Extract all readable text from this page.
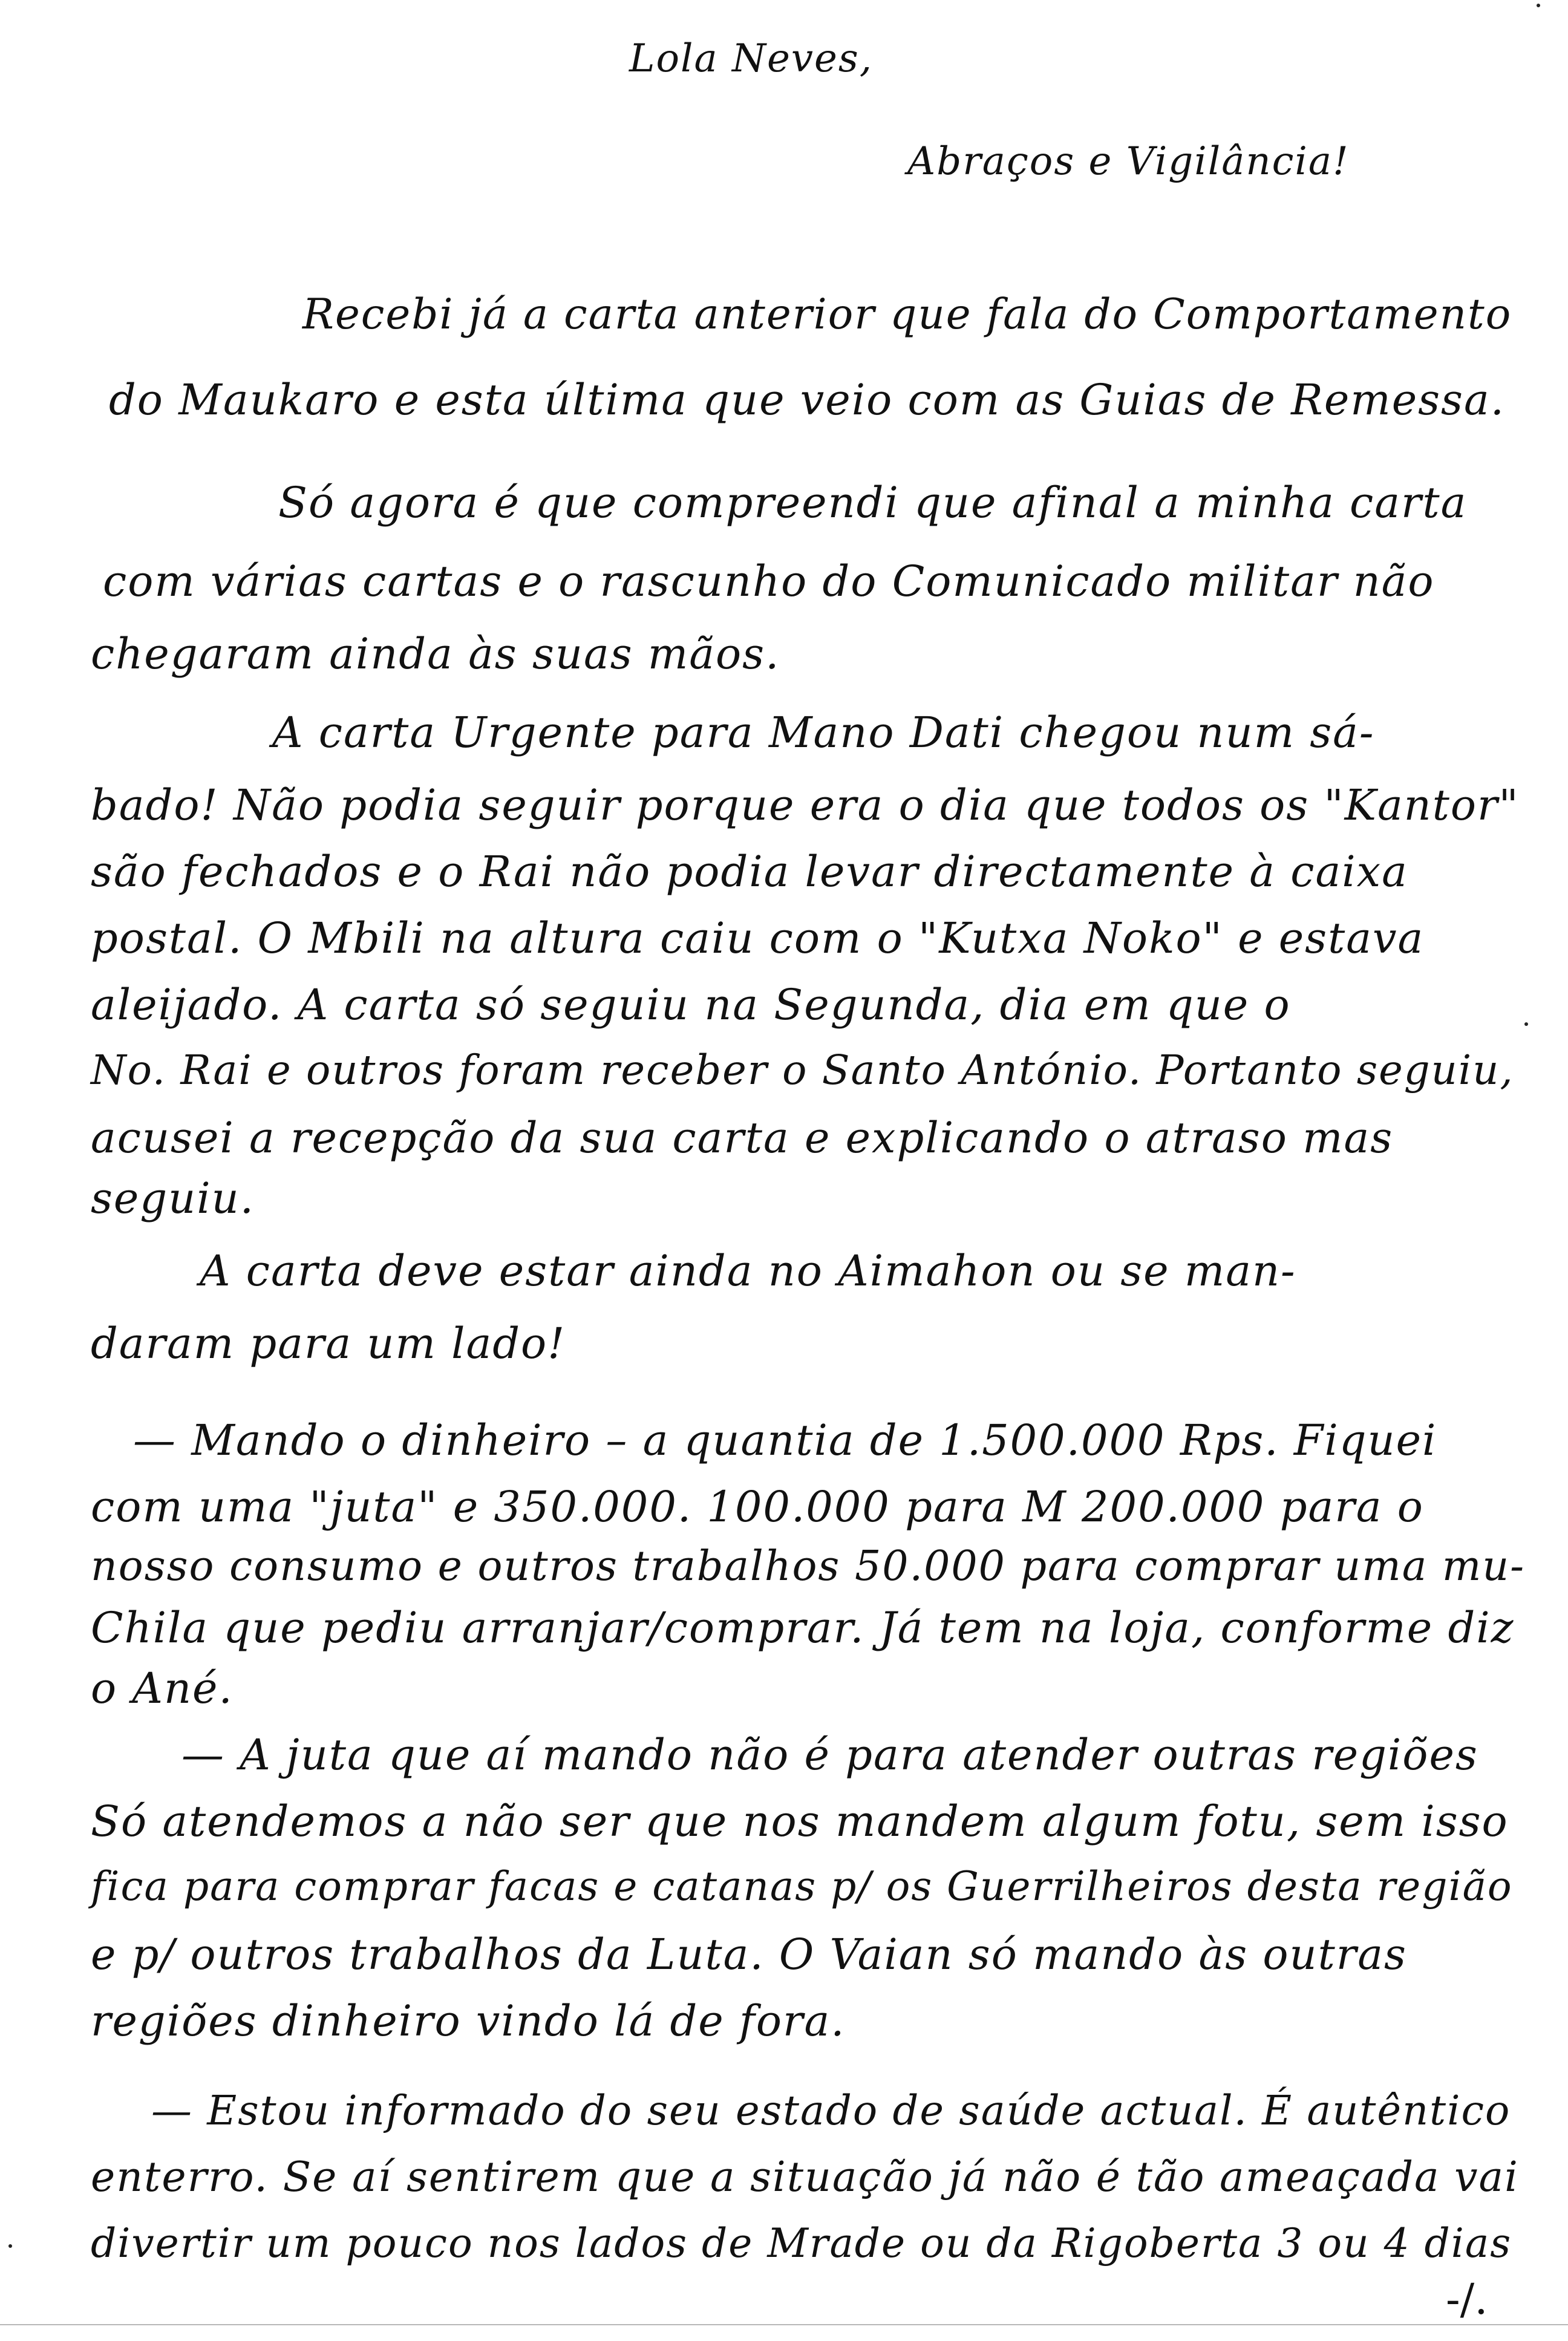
Lola Neves,
Abraços e Vigilância!
Recebi já a carta anterior que fala do Comportamento
do Maukaro e esta última que veio com as Guias de Remessa.
Só agora é que compreendi que afinal a minha carta
com várias cartas e o rascunho do Comunicado militar não
chegaram ainda às suas mãos.
A carta Urgente para Mano Dati chegou num sá-
bado! Não podia seguir porque era o dia que todos os "Kantor"
são fechados e o Rai não podia levar directamente à caixa
postal. O Mbili na altura caiu com o "Kutxa Noko" e estava
aleijado. A carta só seguiu na Segunda, dia em que o
No. Rai e outros foram receber o Santo António. Portanto seguiu,
acusei a recepção da sua carta e explicando o atraso mas
seguiu.
A carta deve estar ainda no Aimahon ou se man-
daram para um lado!
— Mando o dinheiro – a quantia de 1.500.000 Rps. Fiquei
com uma "juta" e 350.000. 100.000 para M 200.000 para o
nosso consumo e outros trabalhos 50.000 para comprar uma mu-
Chila que pediu arranjar/comprar. Já tem na loja, conforme diz
o Ané.
— A juta que aí mando não é para atender outras regiões
Só atendemos a não ser que nos mandem algum fotu, sem isso
fica para comprar facas e catanas p/ os Guerrilheiros desta região
e p/ outros trabalhos da Luta. O Vaian só mando às outras
regiões dinheiro vindo lá de fora.
— Estou informado do seu estado de saúde actual. É autêntico
enterro. Se aí sentirem que a situação já não é tão ameaçada vai
divertir um pouco nos lados de Mrade ou da Rigoberta 3 ou 4 dias
-/.
